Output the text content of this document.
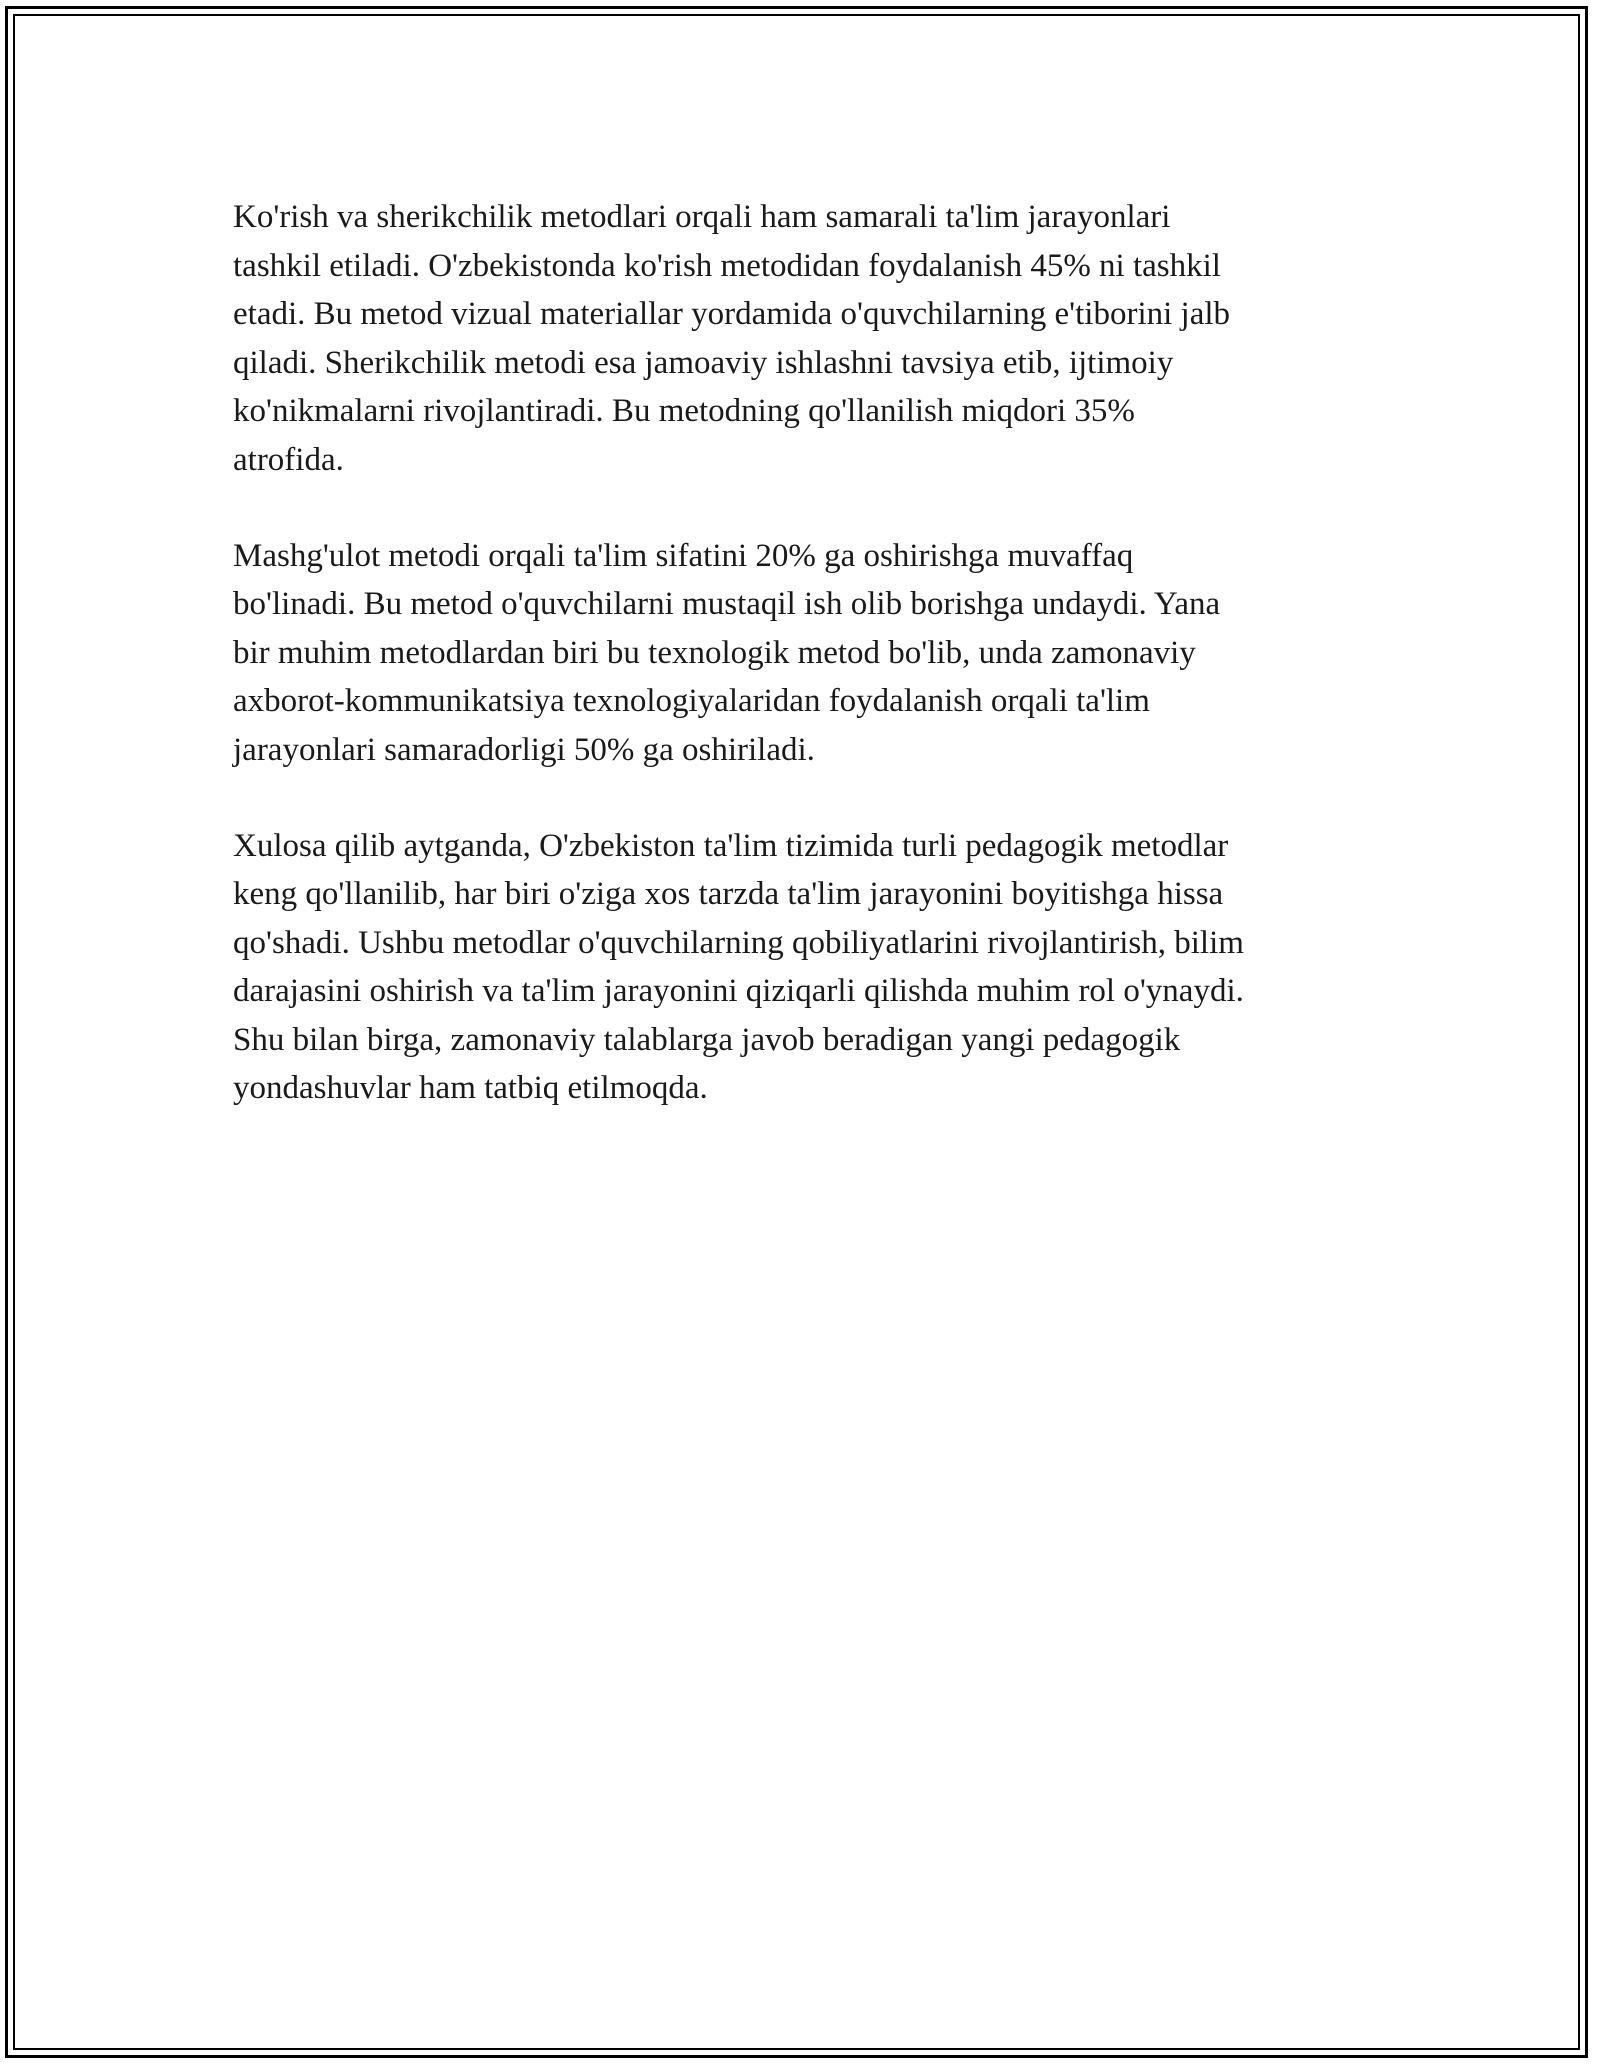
Ko'rish va sherikchilik metodlari orqali ham samarali ta'lim jarayonlari
tashkil etiladi. O'zbekistonda ko'rish metodidan foydalanish 45% ni tashkil
etadi. Bu metod vizual materiallar yordamida o'quvchilarning e'tiborini jalb
qiladi. Sherikchilik metodi esa jamoaviy ishlashni tavsiya etib, ijtimoiy
ko'nikmalarni rivojlantiradi. Bu metodning qo'llanilish miqdori 35%
atrofida.

Mashg'ulot metodi orqali ta'lim sifatini 20% ga oshirishga muvaffaq
bo'linadi. Bu metod o'quvchilarni mustaqil ish olib borishga undaydi. Yana
bir muhim metodlardan biri bu texnologik metod bo'lib, unda zamonaviy
axborot-kommunikatsiya texnologiyalaridan foydalanish orqali ta'lim
jarayonlari samaradorligi 50% ga oshiriladi.

Xulosa qilib aytganda, O'zbekiston ta'lim tizimida turli pedagogik metodlar
keng qo'llanilib, har biri o'ziga xos tarzda ta'lim jarayonini boyitishga hissa
qo'shadi. Ushbu metodlar o'quvchilarning qobiliyatlarini rivojlantirish, bilim
darajasini oshirish va ta'lim jarayonini qiziqarli qilishda muhim rol o'ynaydi.
Shu bilan birga, zamonaviy talablarga javob beradigan yangi pedagogik
yondashuvlar ham tatbiq etilmoqda.
